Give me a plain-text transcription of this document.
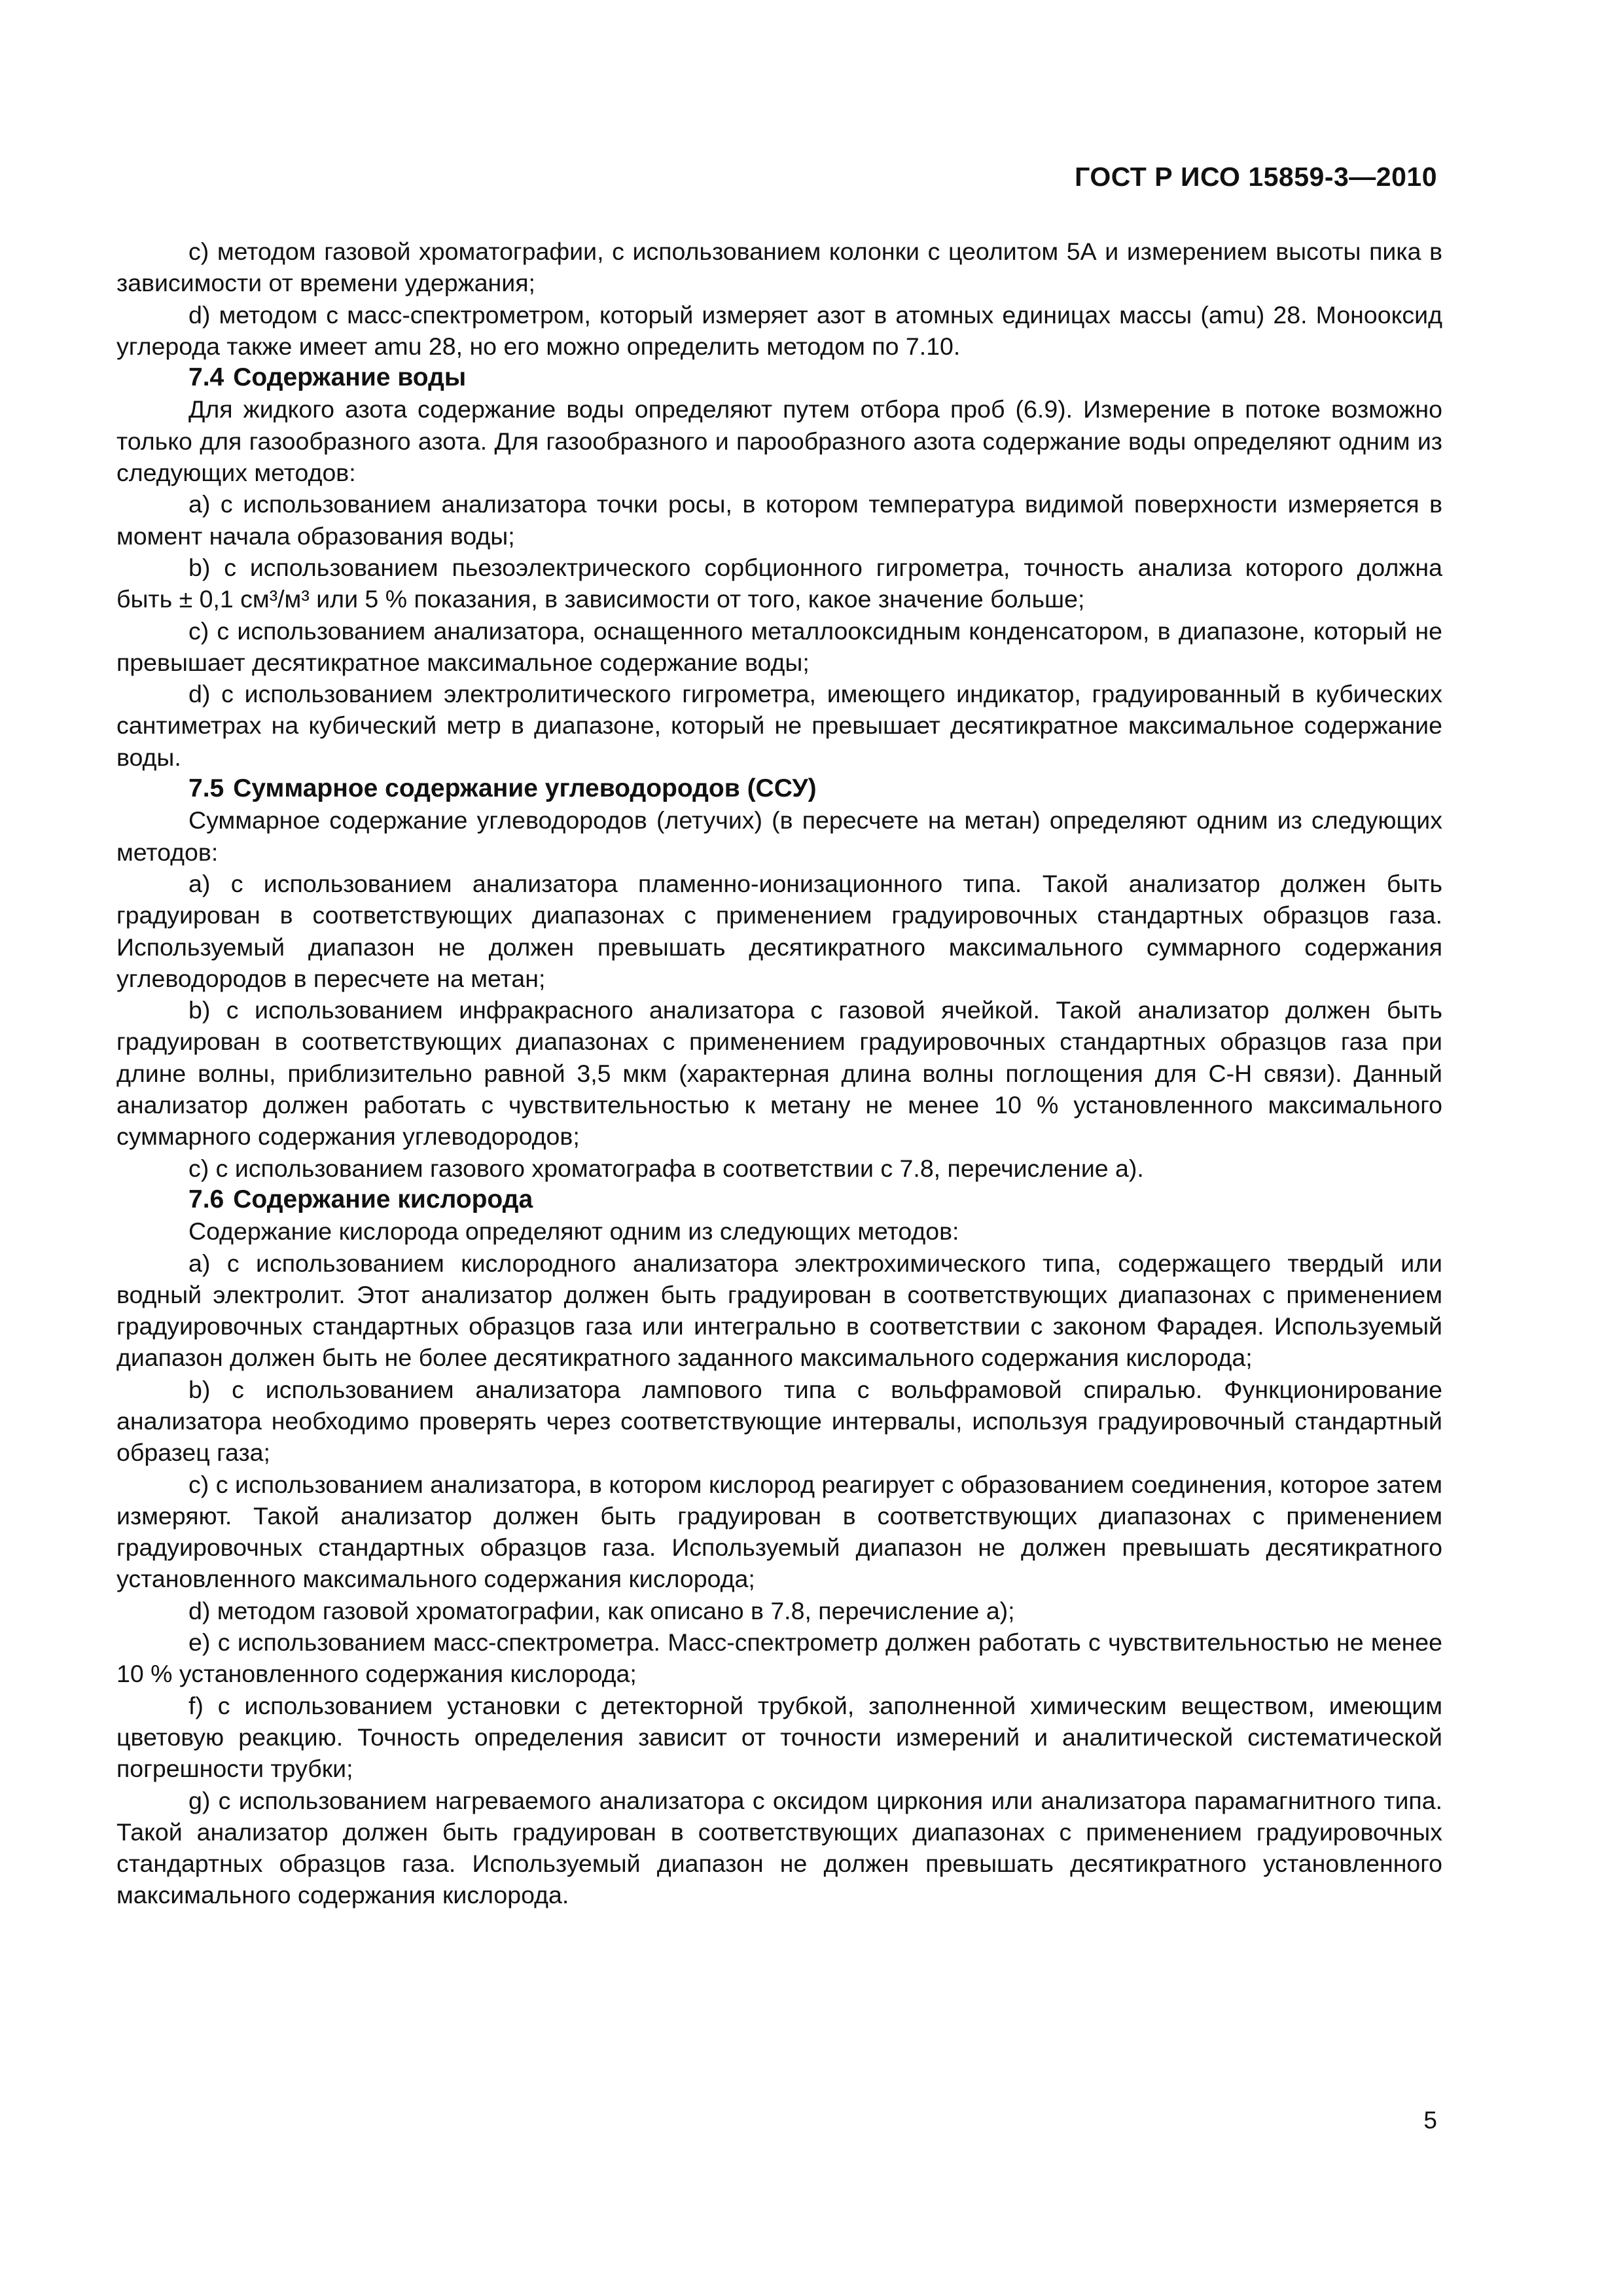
ГОСТ Р ИСО 15859-3—2010

с) методом газовой хроматографии, с использованием колонки с цеолитом 5А и измерением высоты пика в зависимости от времени удержания;

d) методом с масс-спектрометром, который измеряет азот в атомных единицах массы (amu) 28. Монооксид углерода также имеет amu 28, но его можно определить методом по 7.10.

7.4 Содержание воды

Для жидкого азота содержание воды определяют путем отбора проб (6.9). Измерение в потоке возможно только для газообразного азота. Для газообразного и парообразного азота содержание воды определяют одним из следующих методов:

а) с использованием анализатора точки росы, в котором температура видимой поверхности измеряется в момент начала образования воды;

b) с использованием пьезоэлектрического сорбционного гигрометра, точность анализа которого должна быть ± 0,1 см³/м³ или 5 % показания, в зависимости от того, какое значение больше;

с) с использованием анализатора, оснащенного металлооксидным конденсатором, в диапазоне, который не превышает десятикратное максимальное содержание воды;

d) с использованием электролитического гигрометра, имеющего индикатор, градуированный в кубических сантиметрах на кубический метр в диапазоне, который не превышает десятикратное максимальное содержание воды.

7.5 Суммарное содержание углеводородов (ССУ)

Суммарное содержание углеводородов (летучих) (в пересчете на метан) определяют одним из следующих методов:

а) с использованием анализатора пламенно-ионизационного типа. Такой анализатор должен быть градуирован в соответствующих диапазонах с применением градуировочных стандартных образцов газа. Используемый диапазон не должен превышать десятикратного максимального суммарного содержания углеводородов в пересчете на метан;

b) с использованием инфракрасного анализатора с газовой ячейкой. Такой анализатор должен быть градуирован в соответствующих диапазонах с применением градуировочных стандартных образцов газа при длине волны, приблизительно равной 3,5 мкм (характерная длина волны поглощения для С-Н связи). Данный анализатор должен работать с чувствительностью к метану не менее 10 % установленного максимального суммарного содержания углеводородов;

с) с использованием газового хроматографа в соответствии с 7.8, перечисление а).

7.6 Содержание кислорода

Содержание кислорода определяют одним из следующих методов:

а) с использованием кислородного анализатора электрохимического типа, содержащего твердый или водный электролит. Этот анализатор должен быть градуирован в соответствующих диапазонах с применением градуировочных стандартных образцов газа или интегрально в соответствии с законом Фарадея. Используемый диапазон должен быть не более десятикратного заданного максимального содержания кислорода;

b) с использованием анализатора лампового типа с вольфрамовой спиралью. Функционирование анализатора необходимо проверять через соответствующие интервалы, используя градуировочный стандартный образец газа;

с) с использованием анализатора, в котором кислород реагирует с образованием соединения, которое затем измеряют. Такой анализатор должен быть градуирован в соответствующих диапазонах с применением градуировочных стандартных образцов газа. Используемый диапазон не должен превышать десятикратного установленного максимального содержания кислорода;

d) методом газовой хроматографии, как описано в 7.8, перечисление а);

е) с использованием масс-спектрометра. Масс-спектрометр должен работать с чувствительностью не менее 10 % установленного содержания кислорода;

f) с использованием установки с детекторной трубкой, заполненной химическим веществом, имеющим цветовую реакцию. Точность определения зависит от точности измерений и аналитической систематической погрешности трубки;

g) с использованием нагреваемого анализатора с оксидом циркония или анализатора парамагнитного типа. Такой анализатор должен быть градуирован в соответствующих диапазонах с применением градуировочных стандартных образцов газа. Используемый диапазон не должен превышать десятикратного установленного максимального содержания кислорода.

5
